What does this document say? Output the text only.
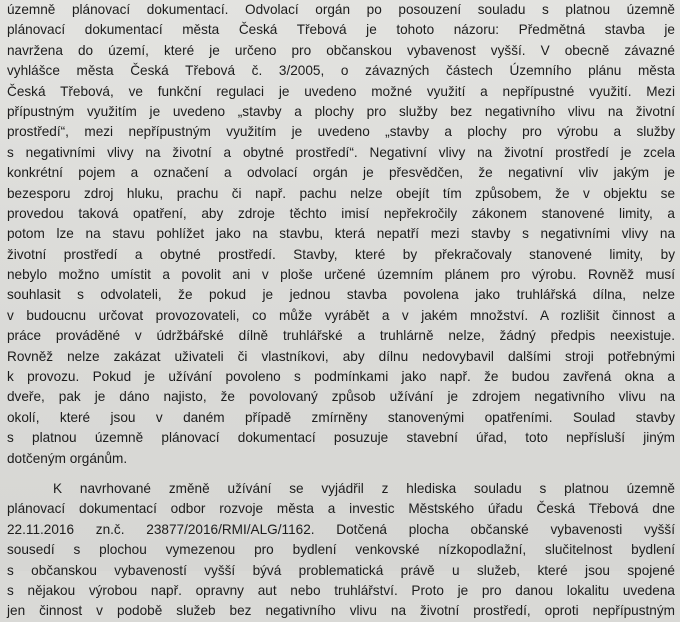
územně plánovací dokumentací. Odvolací orgán po posouzení souladu s platnou územně
plánovací dokumentací města Česká Třebová je tohoto názoru: Předmětná stavba je
navržena do území, které je určeno pro občanskou vybavenost vyšší. V obecně závazné
vyhlášce města Česká Třebová č. 3/2005, o závazných částech Územního plánu města
Česká Třebová, ve funkční regulaci je uvedeno možné využití a nepřípustné využití. Mezi
přípustným využitím je uvedeno „stavby a plochy pro služby bez negativního vlivu na životní
prostředí“, mezi nepřípustným využitím je uvedeno „stavby a plochy pro výrobu a služby
s negativními vlivy na životní a obytné prostředí“. Negativní vlivy na životní prostředí je zcela
konkrétní pojem a označení a odvolací orgán je přesvědčen, že negativní vliv jakým je
bezesporu zdroj hluku, prachu či např. pachu nelze obejít tím způsobem, že v objektu se
provedou taková opatření, aby zdroje těchto imisí nepřekročily zákonem stanovené limity, a
potom lze na stavu pohlížet jako na stavbu, která nepatří mezi stavby s negativními vlivy na
životní prostředí a obytné prostředí. Stavby, které by překračovaly stanovené limity, by
nebylo možno umístit a povolit ani v ploše určené územním plánem pro výrobu. Rovněž musí
souhlasit s odvolateli, že pokud je jednou stavba povolena jako truhlářská dílna, nelze
v budoucnu určovat provozovateli, co může vyrábět a v jakém množství. A rozlišit činnost a
práce prováděné v údržbářské dílně truhlářské a truhlárně nelze, žádný předpis neexistuje.
Rovněž nelze zakázat uživateli či vlastníkovi, aby dílnu nedovybavil dalšími stroji potřebnými
k provozu. Pokud je užívání povoleno s podmínkami jako např. že budou zavřená okna a
dveře, pak je dáno najisto, že povolovaný způsob užívání je zdrojem negativního vlivu na
okolí, které jsou v daném případě zmírněny stanovenými opatřeními. Soulad stavby
s platnou územně plánovací dokumentací posuzuje stavební úřad, toto nepřísluší jiným
dotčeným orgánům.
K navrhované změně užívání se vyjádřil z hlediska souladu s platnou územně
plánovací dokumentací odbor rozvoje města a investic Městského úřadu Česká Třebová dne
22.11.2016 zn.č. 23877/2016/RMI/ALG/1162. Dotčená plocha občanské vybavenosti vyšší
sousedí s plochou vymezenou pro bydlení venkovské nízkopodlažní, slučitelnost bydlení
s občanskou vybaveností vyšší bývá problematická právě u služeb, které jsou spojené
s nějakou výrobou např. opravny aut nebo truhlářství. Proto je pro danou lokalitu uvedena
jen činnost v podobě služeb bez negativního vlivu na životní prostředí, oproti nepřípustným
